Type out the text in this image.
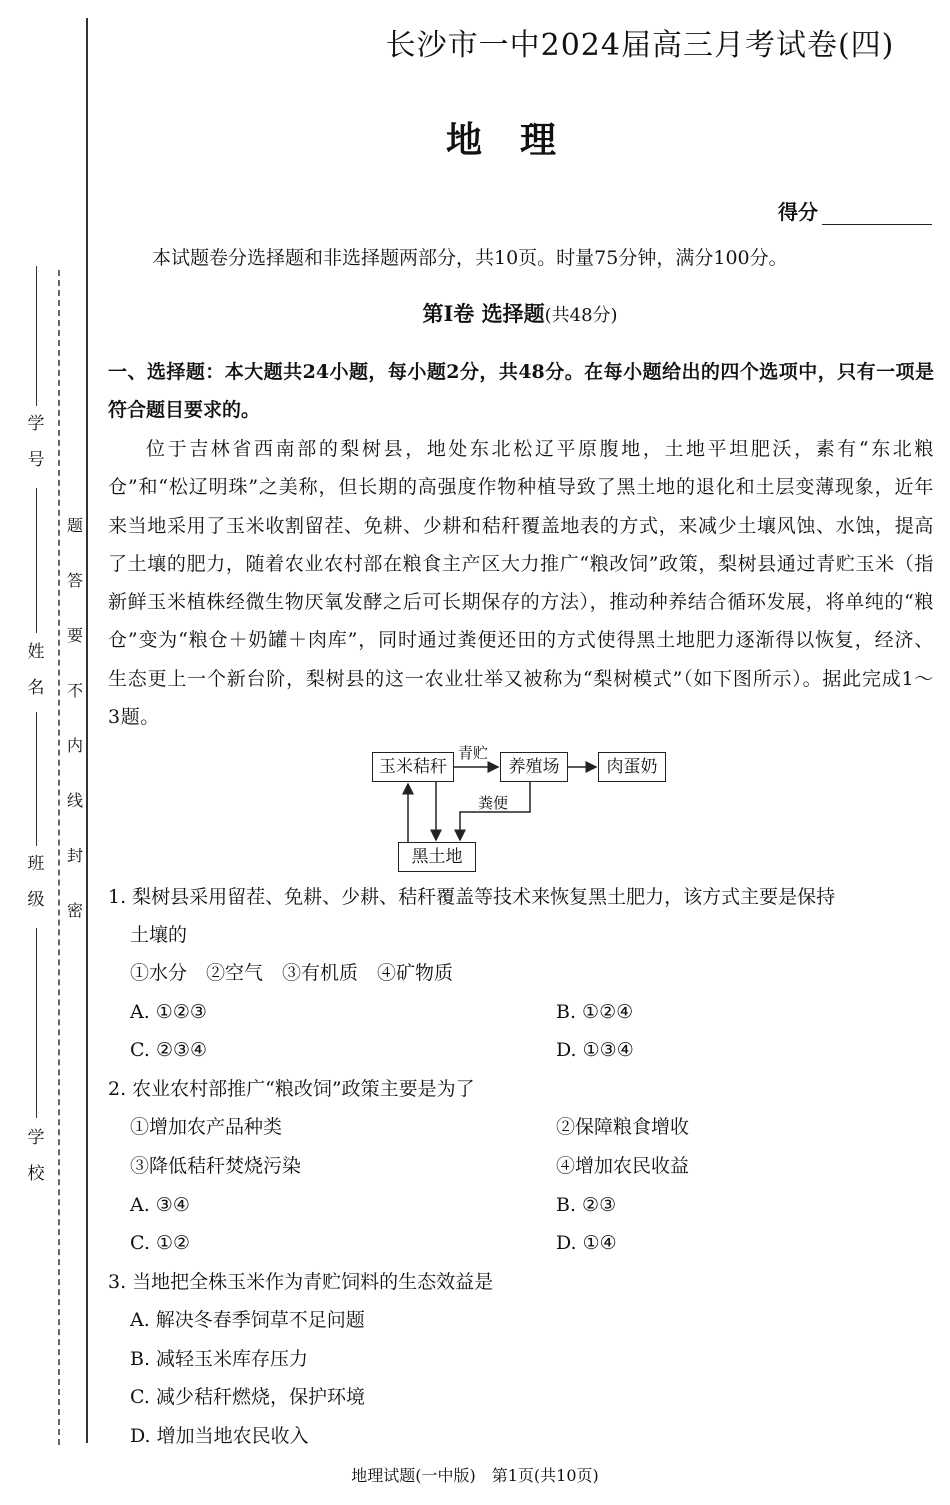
学
号
姓
名
班
级
学
校
密
封
线
内
不
要
答
题
长沙市一中2024届高三月考试卷(四)
地理
得分
本试题卷分选择题和非选择题两部分，共10页。时量75分钟，满分100分。
第Ⅰ卷 选择题(共48分)
一、选择题：本大题共24小题，每小题2分，共48分。在每小题给出的四个选项中，只有一项是符合题目要求的。
位于吉林省西南部的梨树县，地处东北松辽平原腹地，土地平坦肥沃，素有“东北粮仓”和“松辽明珠”之美称，但长期的高强度作物种植导致了黑土地的退化和土层变薄现象，近年来当地采用了玉米收割留茬、免耕、少耕和秸秆覆盖地表的方式，来减少土壤风蚀、水蚀，提高了土壤的肥力，随着农业农村部在粮食主产区大力推广“粮改饲”政策，梨树县通过青贮玉米（指新鲜玉米植株经微生物厌氧发酵之后可长期保存的方法），推动种养结合循环发展，将单纯的“粮仓”变为“粮仓＋奶罐＋肉库”，同时通过粪便还田的方式使得黑土地肥力逐渐得以恢复，经济、生态更上一个新台阶，梨树县的这一农业壮举又被称为“梨树模式”（如下图所示）。据此完成1～3题。
玉米秸秆	养殖场	肉蛋奶
黑土地
青贮
粪便
1. 梨树县采用留茬、免耕、少耕、秸秆覆盖等技术来恢复黑土肥力，该方式主要是保持
土壤的
①水分　②空气　③有机质　④矿物质
A. ①②③	B. ①②④
C. ②③④	D. ①③④
2. 农业农村部推广“粮改饲”政策主要是为了
①增加农产品种类	②保障粮食增收
③降低秸秆焚烧污染	④增加农民收益
A. ③④	B. ②③
C. ①②	D. ①④
3. 当地把全株玉米作为青贮饲料的生态效益是
A. 解决冬春季饲草不足问题
B. 减轻玉米库存压力
C. 减少秸秆燃烧，保护环境
D. 增加当地农民收入
地理试题(一中版)　第1页(共10页)
